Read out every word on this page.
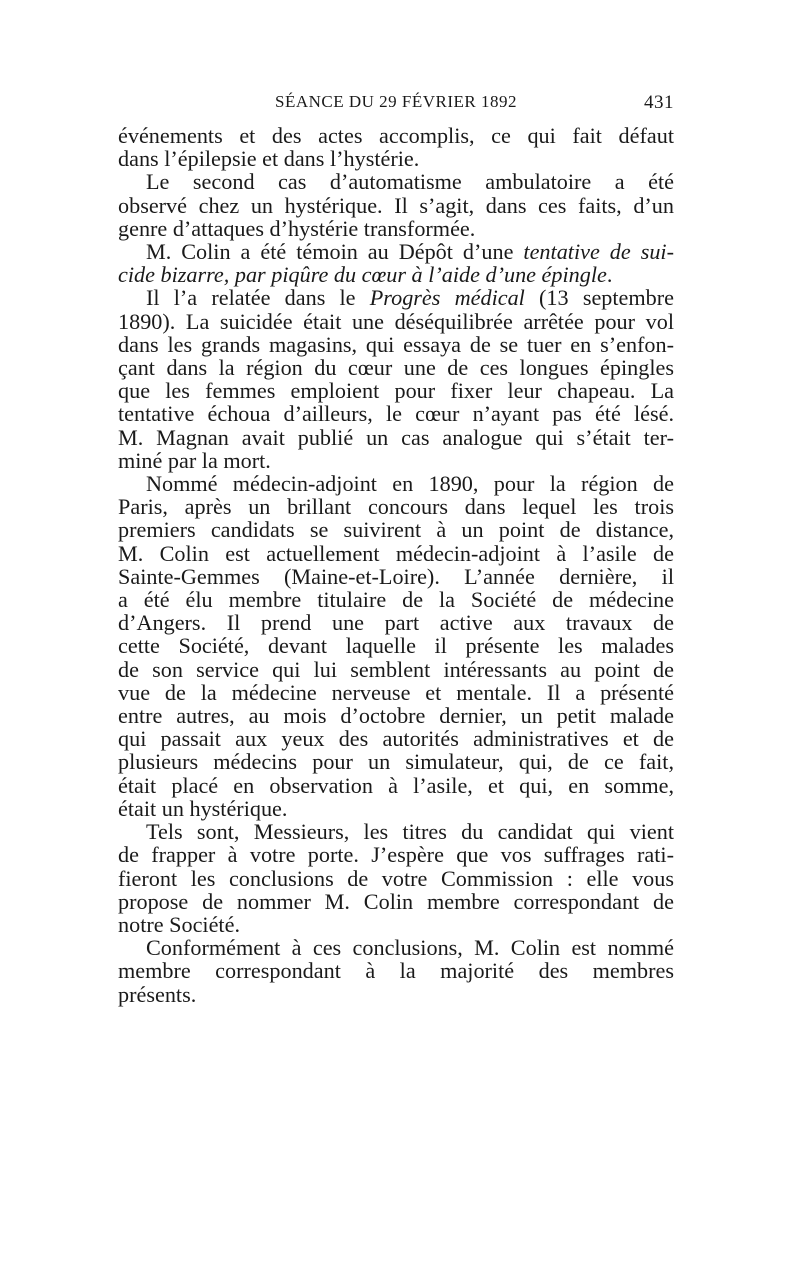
SÉANCE DU 29 FÉVRIER 1892	431
événements et des actes accomplis, ce qui fait défaut
dans l’épilepsie et dans l’hystérie.
Le second cas d’automatisme ambulatoire a été
observé chez un hystérique. Il s’agit, dans ces faits, d’un
genre d’attaques d’hystérie transformée.
M. Colin a été témoin au Dépôt d’une tentative de sui-
cide bizarre, par piqûre du cœur à l’aide d’une épingle.
Il l’a relatée dans le Progrès médical (13 septembre
1890). La suicidée était une déséquilibrée arrêtée pour vol
dans les grands magasins, qui essaya de se tuer en s’enfon-
çant dans la région du cœur une de ces longues épingles
que les femmes emploient pour fixer leur chapeau. La
tentative échoua d’ailleurs, le cœur n’ayant pas été lésé.
M. Magnan avait publié un cas analogue qui s’était ter-
miné par la mort.
Nommé médecin-adjoint en 1890, pour la région de
Paris, après un brillant concours dans lequel les trois
premiers candidats se suivirent à un point de distance,
M. Colin est actuellement médecin-adjoint à l’asile de
Sainte-Gemmes (Maine-et-Loire). L’année dernière, il
a été élu membre titulaire de la Société de médecine
d’Angers. Il prend une part active aux travaux de
cette Société, devant laquelle il présente les malades
de son service qui lui semblent intéressants au point de
vue de la médecine nerveuse et mentale. Il a présenté
entre autres, au mois d’octobre dernier, un petit malade
qui passait aux yeux des autorités administratives et de
plusieurs médecins pour un simulateur, qui, de ce fait,
était placé en observation à l’asile, et qui, en somme,
était un hystérique.
Tels sont, Messieurs, les titres du candidat qui vient
de frapper à votre porte. J’espère que vos suffrages rati-
fieront les conclusions de votre Commission : elle vous
propose de nommer M. Colin membre correspondant de
notre Société.
Conformément à ces conclusions, M. Colin est nommé
membre correspondant à la majorité des membres
présents.
